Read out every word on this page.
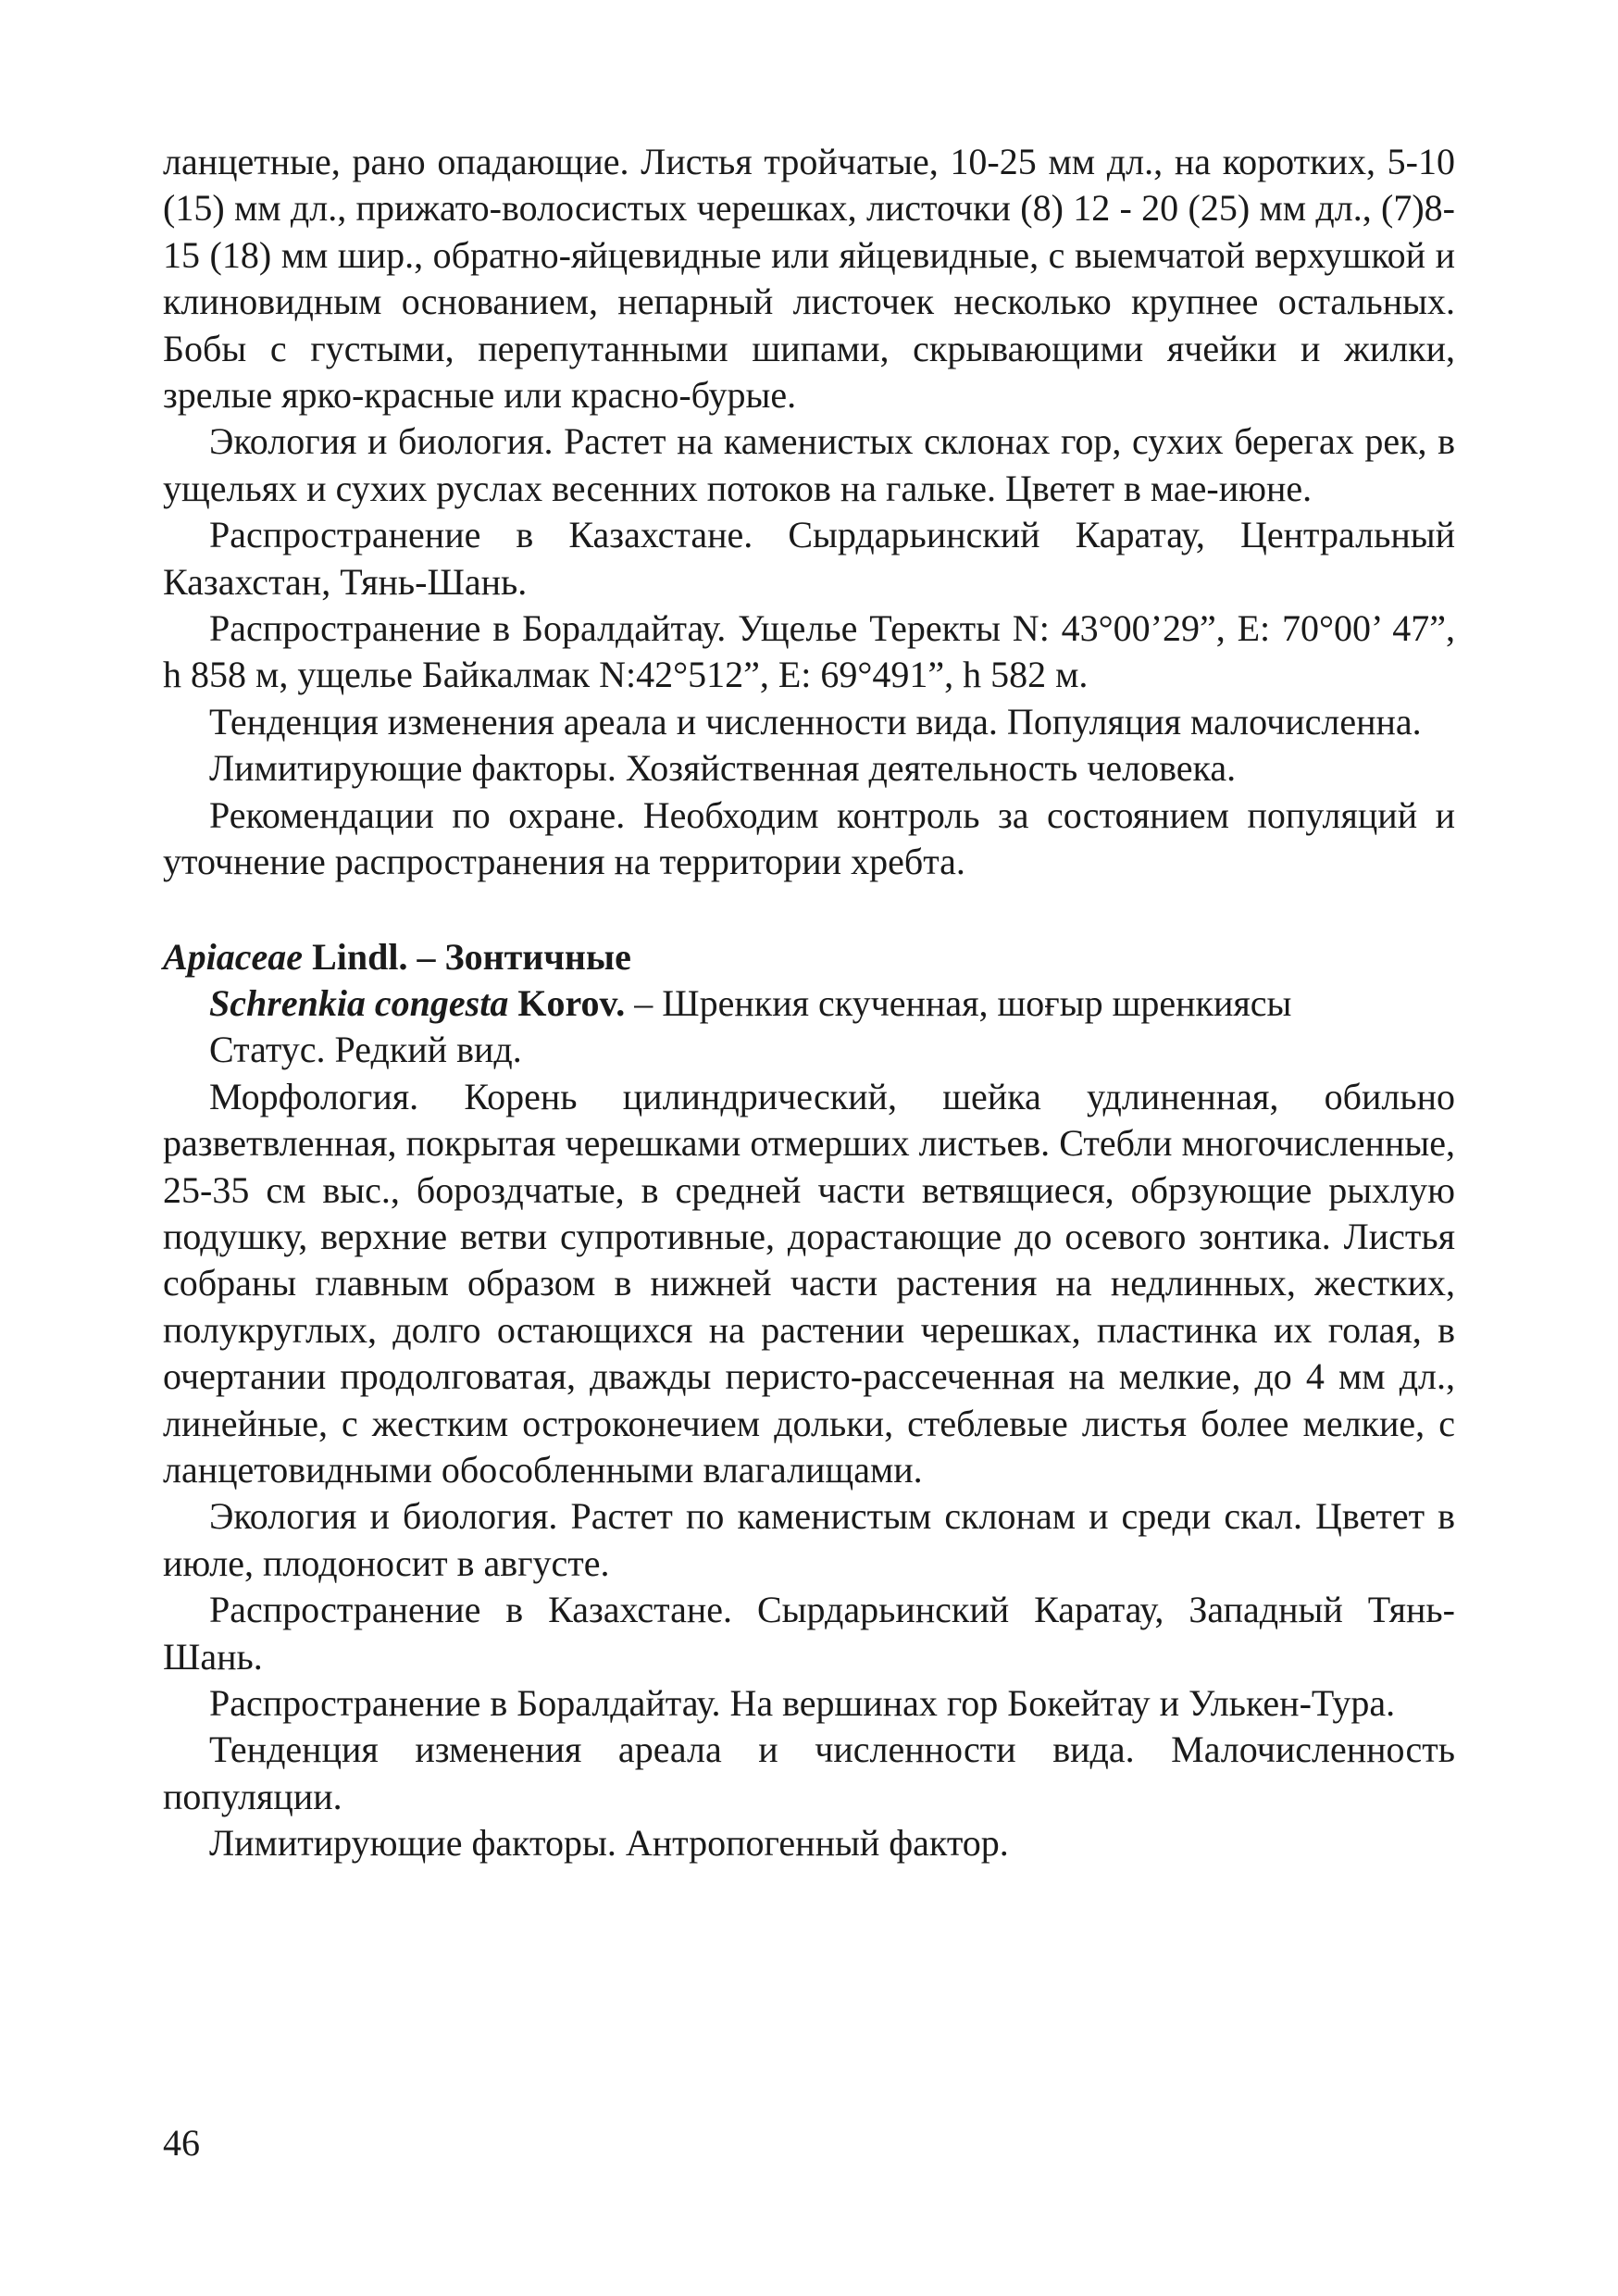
ланцетные, рано опадающие. Листья тройчатые, 10-25 мм дл., на коротких, 5-10 (15) мм дл., прижато-волосистых черешках, листочки (8) 12 - 20 (25) мм дл., (7)8-15 (18) мм шир., обратно-яйцевидные или яйцевидные, с выемчатой верхушкой и клиновидным основанием, непарный листочек несколько крупнее остальных. Бобы с густыми, перепутанными шипами, скрывающими ячейки и жилки, зрелые ярко-красные или красно-бурые.

Экология и биология. Растет на каменистых склонах гор, сухих берегах рек, в ущельях и сухих руслах весенних потоков на гальке. Цветет в мае-июне.

Распространение в Казахстане. Сырдарьинский Каратау, Центральный Казахстан, Тянь-Шань.

Распространение в Боралдайтау. Ущелье Теректы N: 43°00’29”, E: 70°00’ 47”, h 858 м, ущелье Байкалмак N:42°512”, E: 69°491”, h 582 м.

Тенденция изменения ареала и численности вида. Популяция малочисленна.

Лимитирующие факторы. Хозяйственная деятельность человека.

Рекомендации по охране. Необходим контроль за состоянием популяций и уточнение распространения на территории хребта.

Apiaceae Lindl. – Зонтичные

Schrenkia congesta Korov. – Шренкия скученная, шоғыр шренкиясы

Статус. Редкий вид.

Морфология. Корень цилиндрический, шейка удлиненная, обильно разветвленная, покрытая черешками отмерших листьев. Стебли многочисленные, 25-35 см выс., бороздчатые, в средней части ветвящиеся, обрзующие рыхлую подушку, верхние ветви супротивные, дорастающие до осевого зонтика. Листья собраны главным образом в нижней части растения на недлинных, жестких, полукруглых, долго остающихся на растении черешках, пластинка их голая, в очертании продолговатая, дважды перисто-рассеченная на мелкие, до 4 мм дл., линейные, с жестким остроконечием дольки, стеблевые листья более мелкие, с ланцетовидными обособленными влагалищами.

Экология и биология. Растет по каменистым склонам и среди скал. Цветет в июле, плодоносит в августе.

Распространение в Казахстане. Сырдарьинский Каратау, Западный Тянь-Шань.

Распространение в Боралдайтау. На вершинах гор Бокейтау и Улькен-Тура.

Тенденция изменения ареала и численности вида. Малочисленность популяции.

Лимитирующие факторы. Антропогенный фактор.

46
